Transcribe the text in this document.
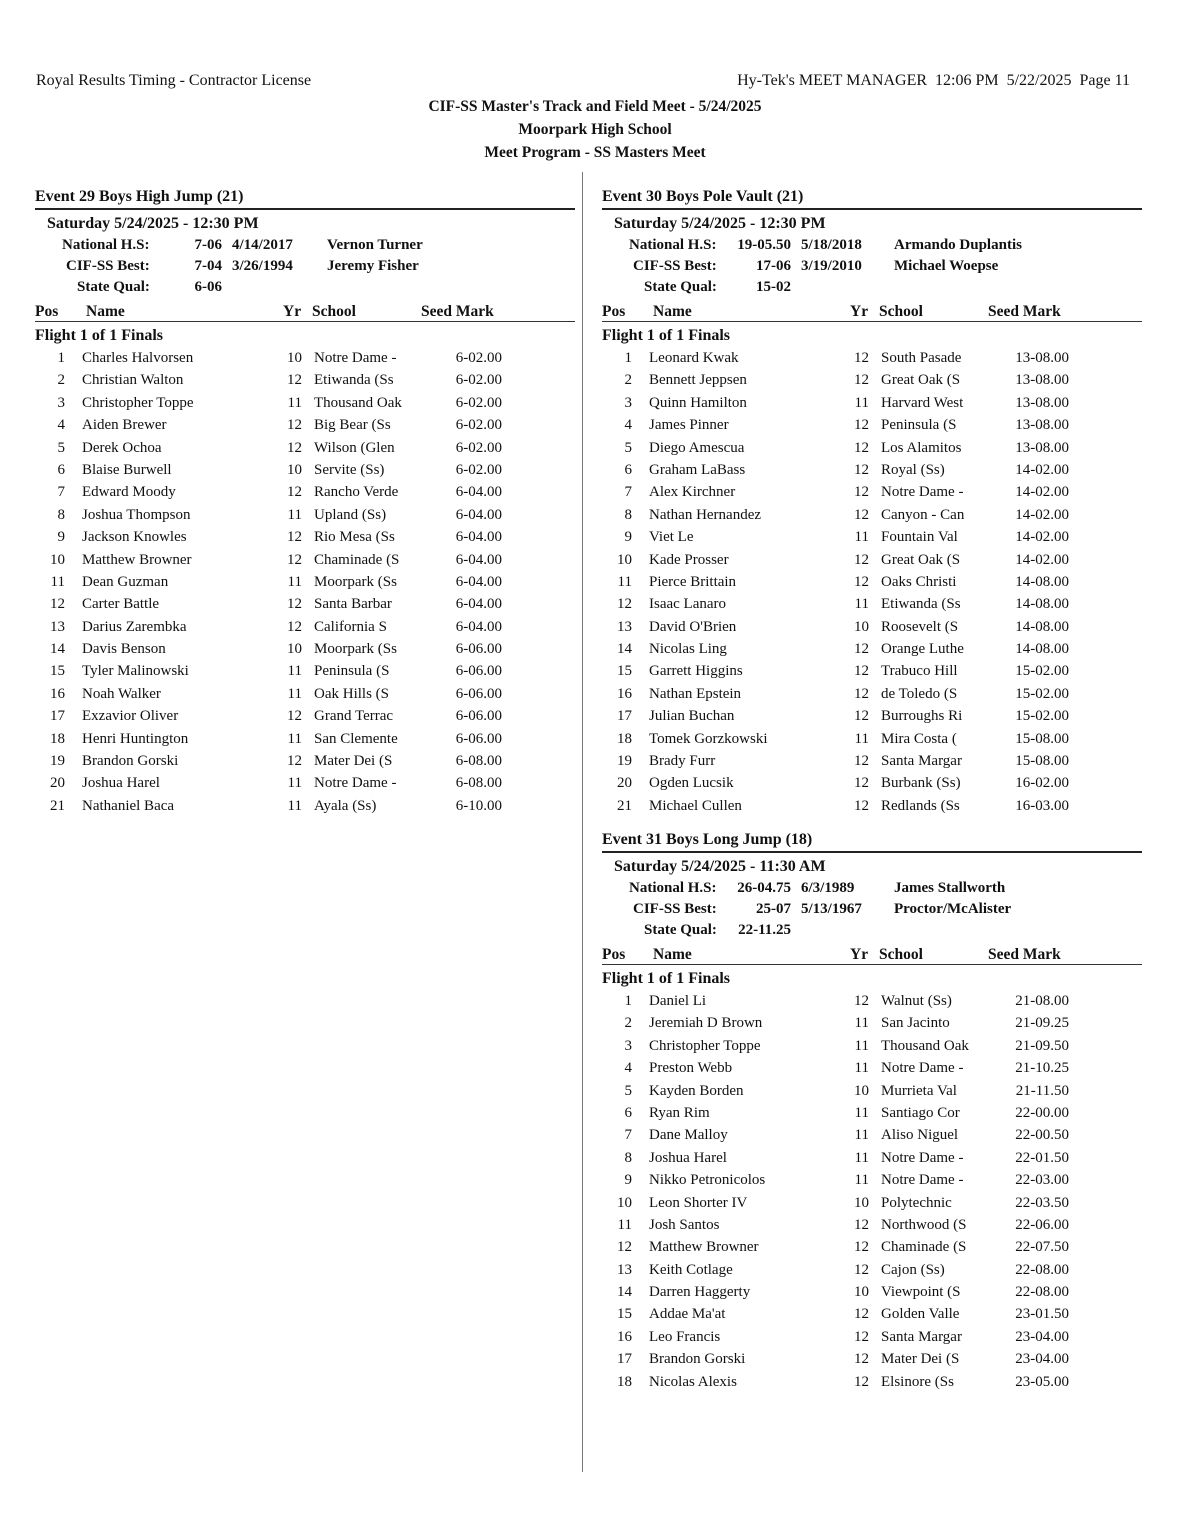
Royal Results Timing - Contractor License	Hy-Tek's MEET MANAGER  12:06 PM  5/22/2025  Page 11
CIF-SS Master's Track and Field Meet - 5/24/2025
Moorpark High School
Meet Program - SS Masters Meet
Event 29 Boys High Jump (21)
Saturday 5/24/2025 - 12:30 PM
National H.S:	7-06 4/14/2017 Vernon Turner
CIF-SS Best:	7-04 3/26/1994 Jeremy Fisher
State Qual:	6-06
Pos Name	Yr School	Seed Mark
Flight 1 of 1 Finals
1 Charles Halvorsen	10 Notre Dame -	6-02.00
2 Christian Walton	12 Etiwanda (Ss	6-02.00
3 Christopher Toppe	11 Thousand Oak	6-02.00
4 Aiden Brewer	12 Big Bear (Ss	6-02.00
5 Derek Ochoa	12 Wilson (Glen	6-02.00
6 Blaise Burwell	10 Servite (Ss)	6-02.00
7 Edward Moody	12 Rancho Verde	6-04.00
8 Joshua Thompson	11 Upland (Ss)	6-04.00
9 Jackson Knowles	12 Rio Mesa (Ss	6-04.00
10 Matthew Browner	12 Chaminade (S	6-04.00
11 Dean Guzman	11 Moorpark (Ss	6-04.00
12 Carter Battle	12 Santa Barbar	6-04.00
13 Darius Zarembka	12 California S	6-04.00
14 Davis Benson	10 Moorpark (Ss	6-06.00
15 Tyler Malinowski	11 Peninsula (S	6-06.00
16 Noah Walker	11 Oak Hills (S	6-06.00
17 Exzavior Oliver	12 Grand Terrac	6-06.00
18 Henri Huntington	11 San Clemente	6-06.00
19 Brandon Gorski	12 Mater Dei (S	6-08.00
20 Joshua Harel	11 Notre Dame -	6-08.00
21 Nathaniel Baca	11 Ayala (Ss)	6-10.00
Event 30 Boys Pole Vault (21)
Saturday 5/24/2025 - 12:30 PM
National H.S: 19-05.50 5/18/2018 Armando Duplantis
CIF-SS Best:	17-06 3/19/2010 Michael Woepse
State Qual:	15-02
Pos Name	Yr School	Seed Mark
Flight 1 of 1 Finals
1 Leonard Kwak	12 South Pasade	13-08.00
2 Bennett Jeppsen	12 Great Oak (S	13-08.00
3 Quinn Hamilton	11 Harvard West	13-08.00
4 James Pinner	12 Peninsula (S	13-08.00
5 Diego Amescua	12 Los Alamitos	13-08.00
6 Graham LaBass	12 Royal (Ss)	14-02.00
7 Alex Kirchner	12 Notre Dame -	14-02.00
8 Nathan Hernandez	12 Canyon - Can	14-02.00
9 Viet Le	11 Fountain Val	14-02.00
10 Kade Prosser	12 Great Oak (S	14-02.00
11 Pierce Brittain	12 Oaks Christi	14-08.00
12 Isaac Lanaro	11 Etiwanda (Ss	14-08.00
13 David O'Brien	10 Roosevelt (S	14-08.00
14 Nicolas Ling	12 Orange Luthe	14-08.00
15 Garrett Higgins	12 Trabuco Hill	15-02.00
16 Nathan Epstein	12 de Toledo (S	15-02.00
17 Julian Buchan	12 Burroughs Ri	15-02.00
18 Tomek Gorzkowski	11 Mira Costa (	15-08.00
19 Brady Furr	12 Santa Margar	15-08.00
20 Ogden Lucsik	12 Burbank (Ss)	16-02.00
21 Michael Cullen	12 Redlands (Ss	16-03.00
Event 31 Boys Long Jump (18)
Saturday 5/24/2025 - 11:30 AM
National H.S: 26-04.75 6/3/1989	James Stallworth
CIF-SS Best:	25-07 5/13/1967 Proctor/McAlister
State Qual: 22-11.25
Pos Name	Yr School	Seed Mark
Flight 1 of 1 Finals
1 Daniel Li	12 Walnut (Ss)	21-08.00
2 Jeremiah D Brown	11 San Jacinto	21-09.25
3 Christopher Toppe	11 Thousand Oak	21-09.50
4 Preston Webb	11 Notre Dame -	21-10.25
5 Kayden Borden	10 Murrieta Val	21-11.50
6 Ryan Rim	11 Santiago Cor	22-00.00
7 Dane Malloy	11 Aliso Niguel	22-00.50
8 Joshua Harel	11 Notre Dame -	22-01.50
9 Nikko Petronicolos	11 Notre Dame -	22-03.00
10 Leon Shorter IV	10 Polytechnic	22-03.50
11 Josh Santos	12 Northwood (S	22-06.00
12 Matthew Browner	12 Chaminade (S	22-07.50
13 Keith Cotlage	12 Cajon (Ss)	22-08.00
14 Darren Haggerty	10 Viewpoint (S	22-08.00
15 Addae Ma'at	12 Golden Valle	23-01.50
16 Leo Francis	12 Santa Margar	23-04.00
17 Brandon Gorski	12 Mater Dei (S	23-04.00
18 Nicolas Alexis	12 Elsinore (Ss	23-05.00
